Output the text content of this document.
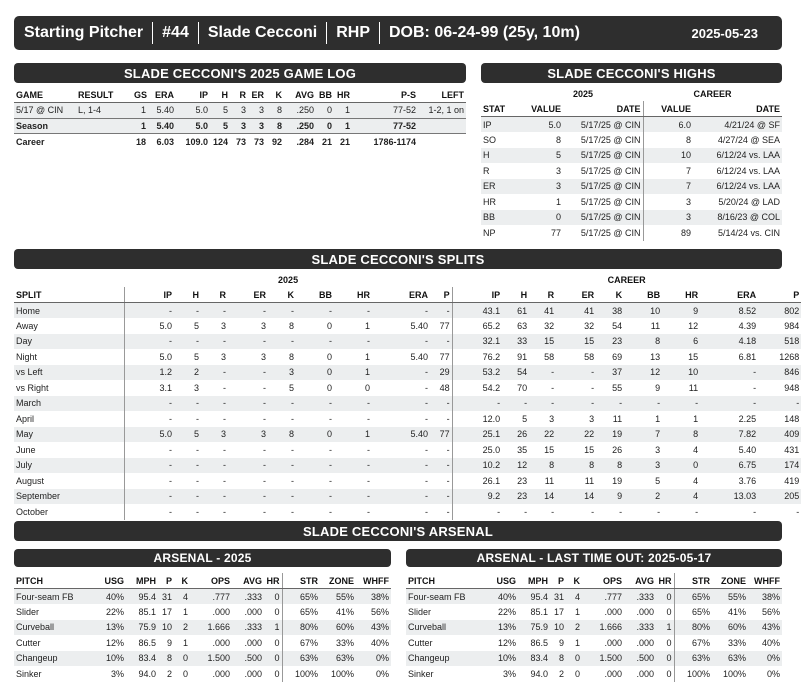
Starting Pitcher #44 Slade Cecconi RHP DOB: 06-24-99 (25y, 10m)	2025-05-23
SLADE CECCONI'S 2025 GAME LOG
GAME	RESULT	GS	ERA	IP	H	R	ER	K	AVG	BB	HR	P-S	LEFT
5/17 @ CIN	L, 1-4	1	5.40	5.0	5	3	3	8	.250	0	1	77-52	1-2, 1 on
Season		1	5.40	5.0	5	3	3	8	.250	0	1	77-52	
Career		18	6.03	109.0	124	73	73	92	.284	21	21	1786-1174	
SLADE CECCONI'S HIGHS
	2025		CAREER	
STAT	VALUE	DATE	VALUE	DATE
IP	5.0	5/17/25 @ CIN	6.0	4/21/24 @ SF
SO	8	5/17/25 @ CIN	8	4/27/24 @ SEA
H	5	5/17/25 @ CIN	10	6/12/24 vs. LAA
R	3	5/17/25 @ CIN	7	6/12/24 vs. LAA
ER	3	5/17/25 @ CIN	7	6/12/24 vs. LAA
HR	1	5/17/25 @ CIN	3	5/20/24 @ LAD
BB	0	5/17/25 @ CIN	3	8/16/23 @ COL
NP	77	5/17/25 @ CIN	89	5/14/24 vs. CIN
SLADE CECCONI'S SPLITS
	2025									CAREER								
SPLIT	IP	H	R	ER	K	BB	HR	ERA	P	IP	H	R	ER	K	BB	HR	ERA	P
Home	-	-	-	-	-	-	-	-	-	43.1	61	41	41	38	10	9	8.52	802
Away	5.0	5	3	3	8	0	1	5.40	77	65.2	63	32	32	54	11	12	4.39	984
Day	-	-	-	-	-	-	-	-	-	32.1	33	15	15	23	8	6	4.18	518
Night	5.0	5	3	3	8	0	1	5.40	77	76.2	91	58	58	69	13	15	6.81	1268
vs Left	1.2	2	-	-	3	0	1	-	29	53.2	54	-	-	37	12	10	-	846
vs Right	3.1	3	-	-	5	0	0	-	48	54.2	70	-	-	55	9	11	-	948
March	-	-	-	-	-	-	-	-	-	-	-	-	-	-	-	-	-	-
April	-	-	-	-	-	-	-	-	-	12.0	5	3	3	11	1	1	2.25	148
May	5.0	5	3	3	8	0	1	5.40	77	25.1	26	22	22	19	7	8	7.82	409
June	-	-	-	-	-	-	-	-	-	25.0	35	15	15	26	3	4	5.40	431
July	-	-	-	-	-	-	-	-	-	10.2	12	8	8	8	3	0	6.75	174
August	-	-	-	-	-	-	-	-	-	26.1	23	11	11	19	5	4	3.76	419
September	-	-	-	-	-	-	-	-	-	9.2	23	14	14	9	2	4	13.03	205
October	-	-	-	-	-	-	-	-	-	-	-	-	-	-	-	-	-	-
SLADE CECCONI'S ARSENAL
ARSENAL - 2025
PITCH	USG	MPH	P	K	OPS	AVG	HR	STR	ZONE	WHFF
Four-seam FB	40%	95.4	31	4	.777	.333	0	65%	55%	38%
Slider	22%	85.1	17	1	.000	.000	0	65%	41%	56%
Curveball	13%	75.9	10	2	1.666	.333	1	80%	60%	43%
Cutter	12%	86.5	9	1	.000	.000	0	67%	33%	40%
Changeup	10%	83.4	8	0	1.500	.500	0	63%	63%	0%
Sinker	3%	94.0	2	0	.000	.000	0	100%	100%	0%
ARSENAL - LAST TIME OUT: 2025-05-17
PITCH	USG	MPH	P	K	OPS	AVG	HR	STR	ZONE	WHFF
Four-seam FB	40%	95.4	31	4	.777	.333	0	65%	55%	38%
Slider	22%	85.1	17	1	.000	.000	0	65%	41%	56%
Curveball	13%	75.9	10	2	1.666	.333	1	80%	60%	43%
Cutter	12%	86.5	9	1	.000	.000	0	67%	33%	40%
Changeup	10%	83.4	8	0	1.500	.500	0	63%	63%	0%
Sinker	3%	94.0	2	0	.000	.000	0	100%	100%	0%
